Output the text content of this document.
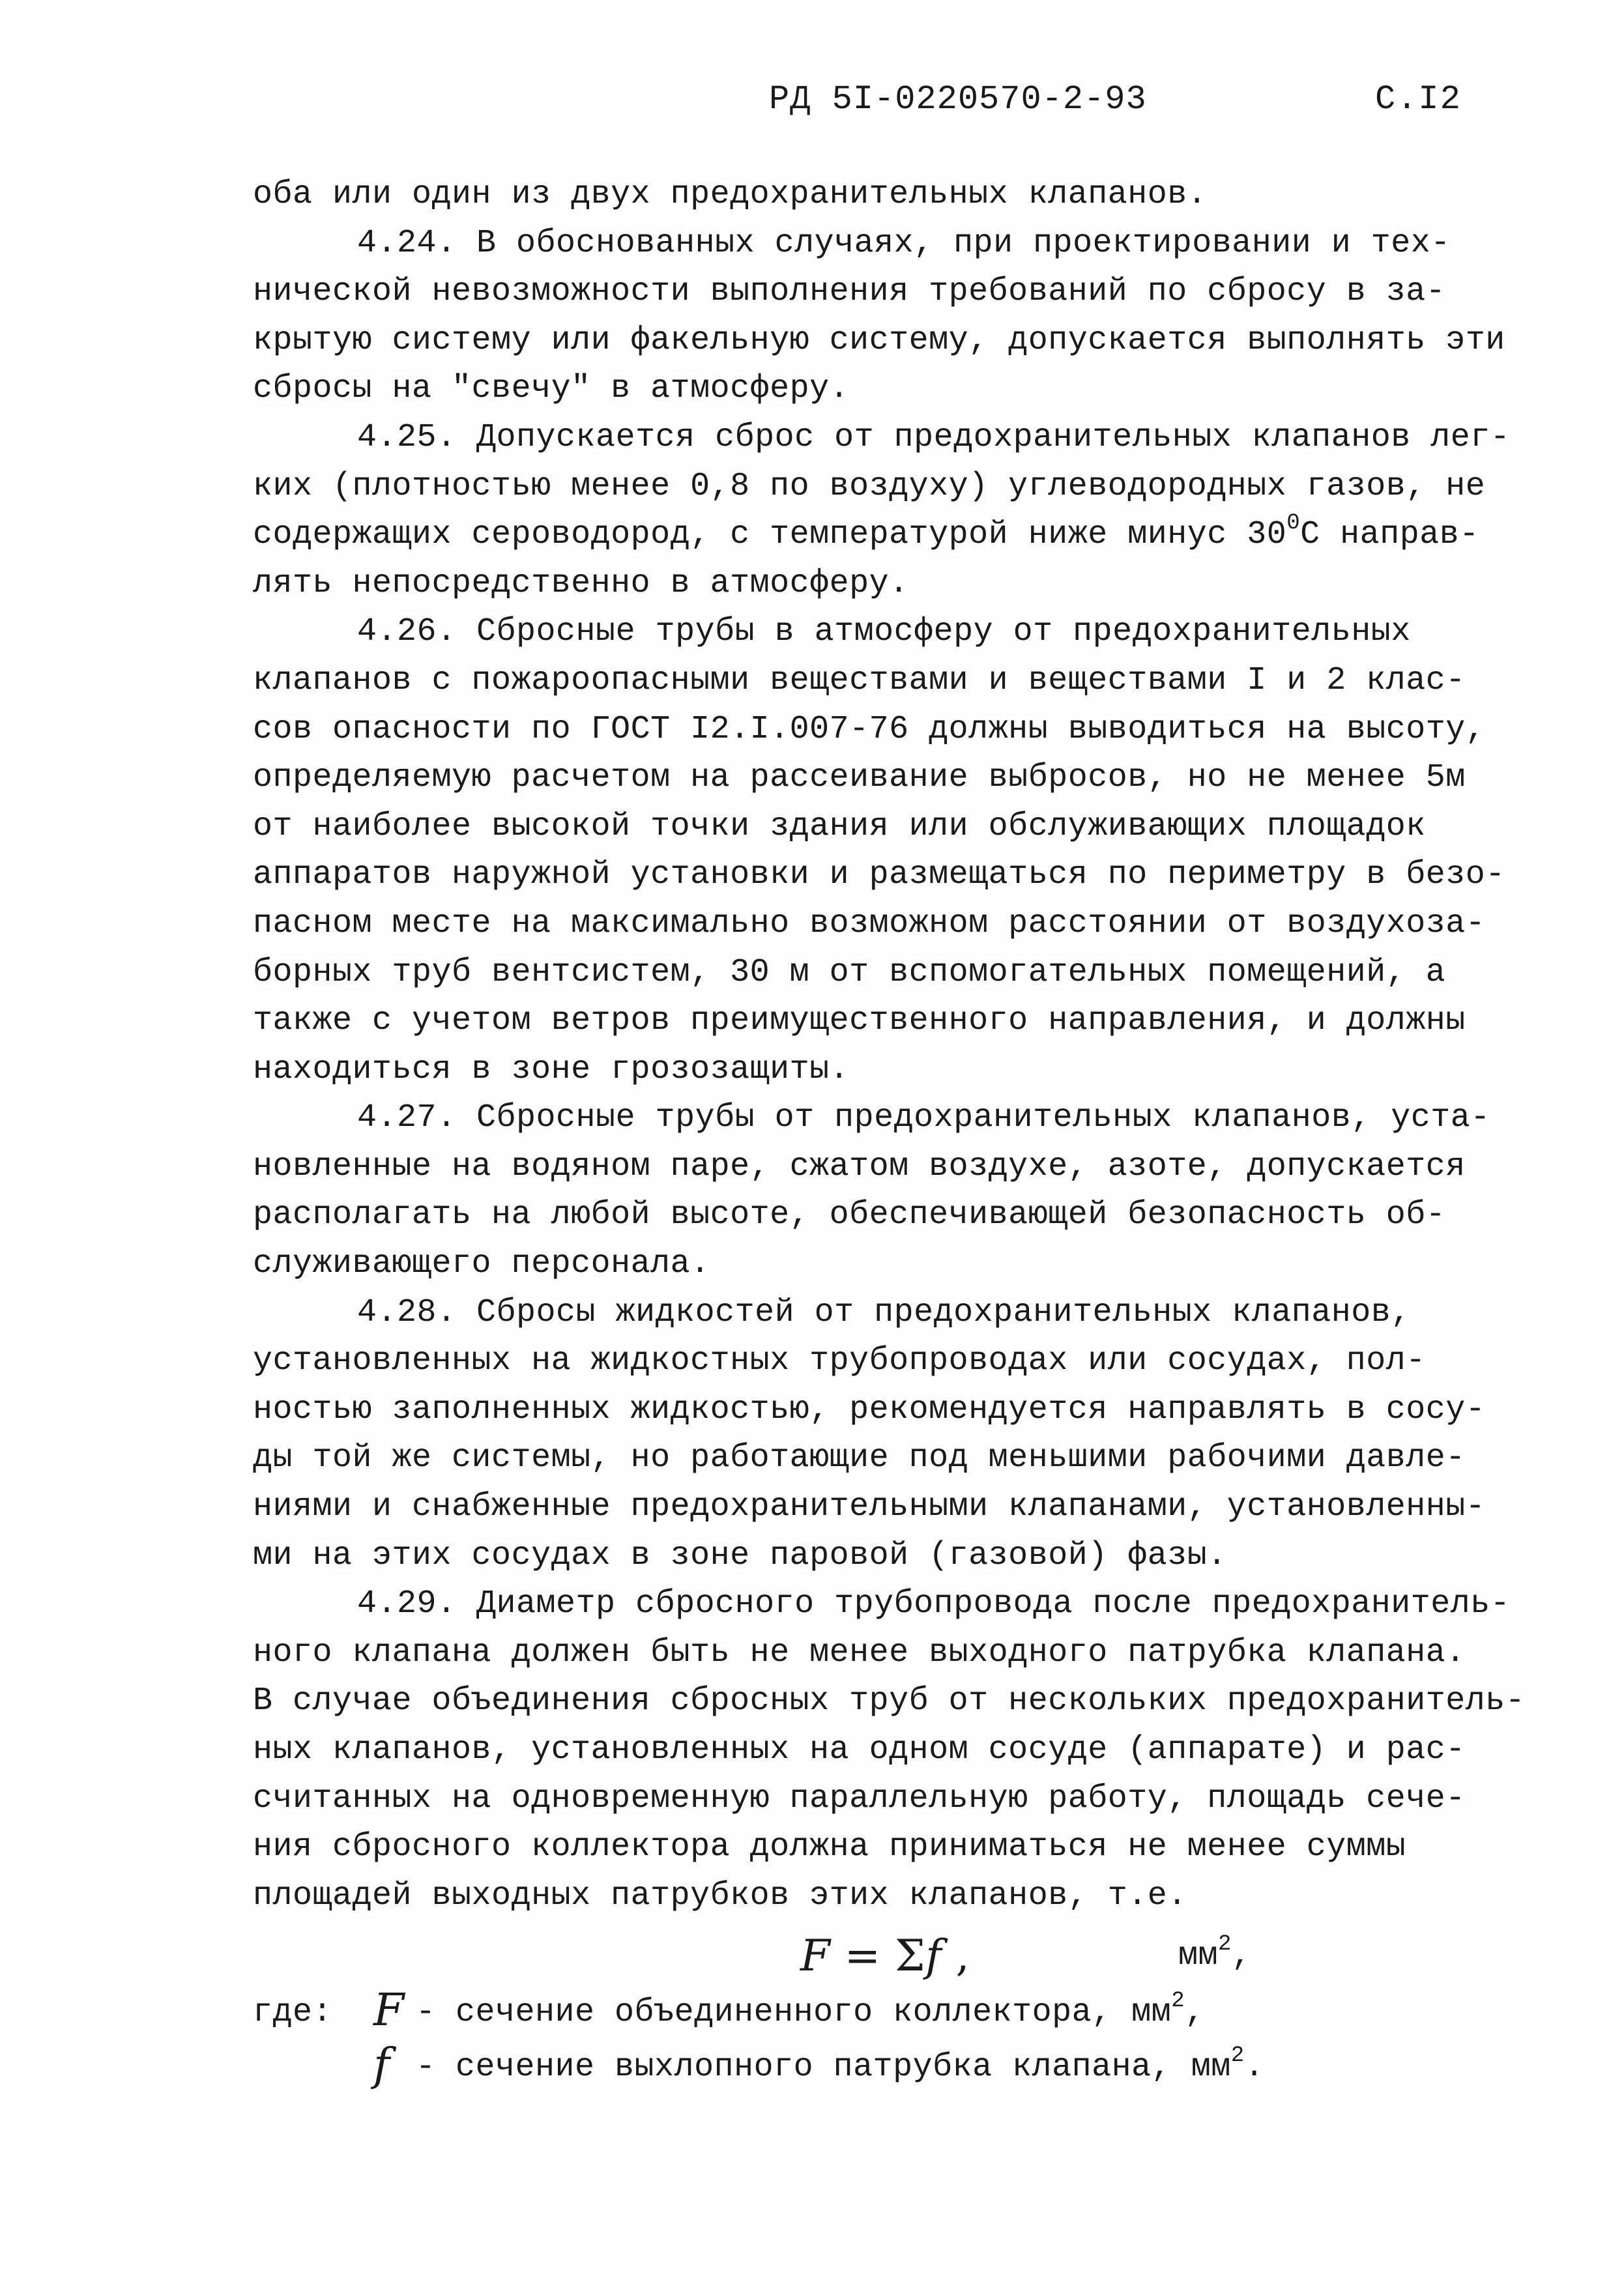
РД 5I-0220570-2-93	С.I2
оба или один из двух предохранительных клапанов.
4.24. В обоснованных случаях, при проектировании и тех-
нической невозможности выполнения требований по сбросу в за-
крытую систему или факельную систему, допускается выполнять эти
сбросы на "свечу" в атмосферу.
4.25. Допускается сброс от предохранительных клапанов лег-
ких (плотностью менее 0,8 по воздуху) углеводородных газов, не
содержащих сероводород, с температурой ниже минус $30^0С$ направ-
лять непосредственно в атмосферу.
4.26. Сбросные трубы в атмосферу от предохранительных
клапанов с пожароопасными веществами и веществами I и 2 клас-
сов опасности по ГОСТ I2.I.007-76 должны выводиться на высоту,
определяемую расчетом на рассеивание выбросов, но не менее 5м
от наиболее высокой точки здания или обслуживающих площадок
аппаратов наружной установки и размещаться по периметру в безо-
пасном месте на максимально возможном расстоянии от воздухоза-
борных труб вентсистем, 30 м от вспомогательных помещений, а
также с учетом ветров преимущественного направления, и должны
находиться в зоне грозозащиты.
4.27. Сбросные трубы от предохранительных клапанов, уста-
новленные на водяном паре, сжатом воздухе, азоте, допускается
располагать на любой высоте, обеспечивающей безопасность об-
служивающего персонала.
4.28. Сбросы жидкостей от предохранительных клапанов,
установленных на жидкостных трубопроводах или сосудах, пол-
ностью заполненных жидкостью, рекомендуется направлять в сосу-
ды той же системы, но работающие под меньшими рабочими давле-
ниями и снабженные предохранительными клапанами, установленны-
ми на этих сосудах в зоне паровой (газовой) фазы.
4.29. Диаметр сбросного трубопровода после предохранитель-
ного клапана должен быть не менее выходного патрубка клапана.
В случае объединения сбросных труб от нескольких предохранитель-
ных клапанов, установленных на одном сосуде (аппарате) и рас-
считанных на одновременную параллельную работу, площадь сече-
ния сбросного коллектора должна приниматься не менее суммы
площадей выходных патрубков этих клапанов, т.е.
F = Σf ,	$мм^2$,
где: F - сечение объединенного коллектора, $мм^2$,
f - сечение выхлопного патрубка клапана, $мм^2$.
